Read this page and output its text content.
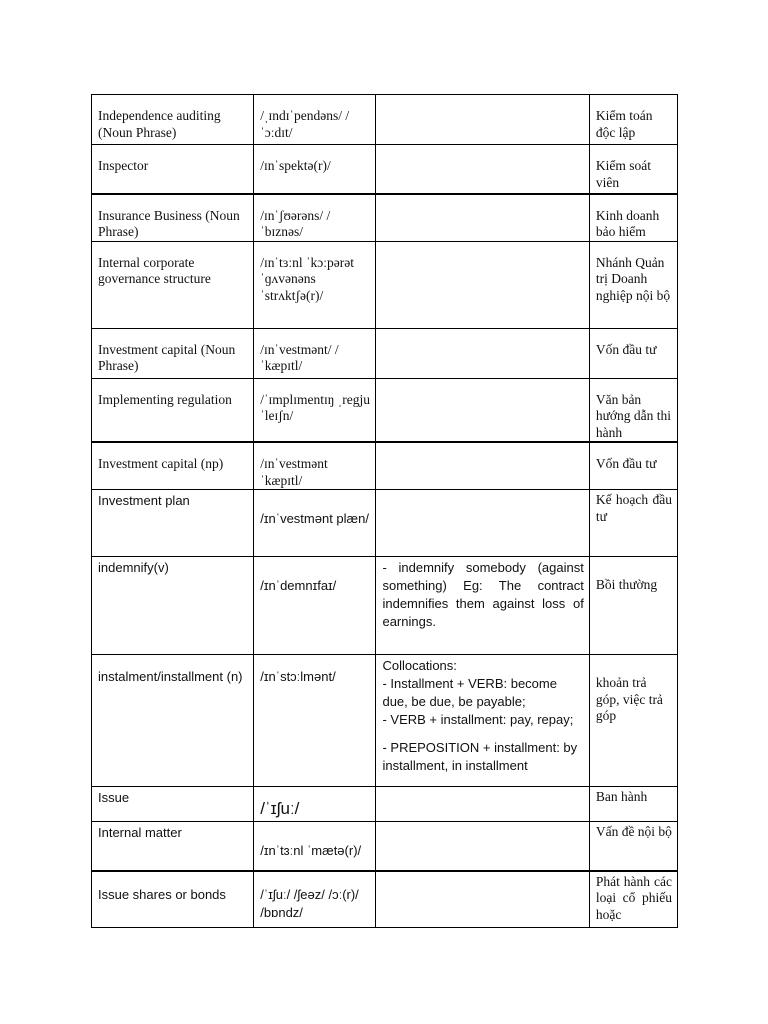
Independence auditing (Noun Phrase)	/ˌɪndɪˈpendəns/ /ˈɔːdɪt/		Kiểm toán độc lập
Inspector	/ɪnˈspektə(r)/		Kiểm soát viên
Insurance Business (Noun Phrase)	/ɪnˈʃʊərəns/ /ˈbɪznəs/		Kinh doanh bảo hiểm
Internal corporate governance structure	/ɪnˈtɜːnl ˈkɔːpərət ˈɡʌvənəns ˈstrʌktʃə(r)/		Nhánh Quản trị Doanh nghiệp nội bộ
Investment capital (Noun Phrase)	/ɪnˈvestmənt/ /ˈkæpɪtl/		Vốn đầu tư
Implementing regulation	/ˈɪmplɪmentɪŋ ˌregjuˈleɪʃn/		Văn bản hướng dẫn thi hành
Investment capital (np)	/ɪnˈvestmənt ˈkæpɪtl/		Vốn đầu tư
Investment plan	/ɪnˈvestmənt plæn/		Kế hoạch đầu tư
indemnify(v)	/ɪnˈdemnɪfaɪ/	- indemnify somebody (against something) Eg: The contract indemnifies them against loss of earnings.	Bồi thường
instalment/installment (n)	/ɪnˈstɔːlmənt/	Collocations:
- Installment + VERB: become due, be due, be payable;
- VERB + installment: pay, repay;
- PREPOSITION + installment: by installment, in installment	khoản trả góp, việc trả góp
Issue	/ˈɪʃuː/		Ban hành
Internal matter	/ɪnˈtɜːnl ˈmætə(r)/		Vấn đề nội bộ
Issue shares or bonds	/ˈɪʃuː/ /ʃeəz/ /ɔː(r)/ /bɒndz/		Phát hành các loại cổ phiếu hoặc
